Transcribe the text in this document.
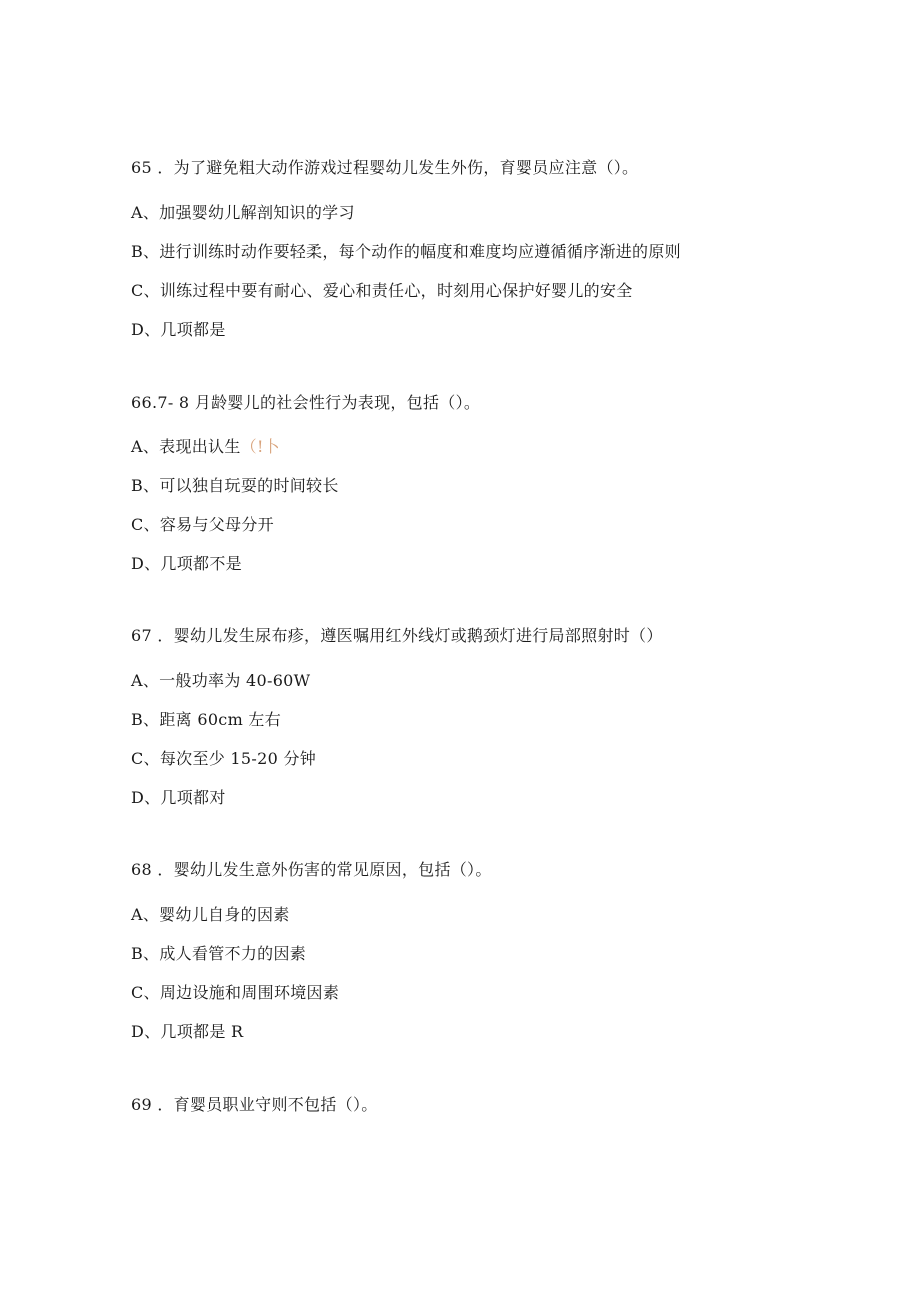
65 ．为了避免粗大动作游戏过程婴幼儿发生外伤，育婴员应注意（）。
A、加强婴幼儿解剖知识的学习
B、进行训练时动作要轻柔，每个动作的幅度和难度均应遵循循序渐进的原则
C、训练过程中要有耐心、爱心和责任心，时刻用心保护好婴儿的安全
D、几项都是
66.7- 8 月龄婴儿的社会性行为表现，包括（）。
A、表现出认生（!卜
B、可以独自玩耍的时间较长
C、容易与父母分开
D、几项都不是
67 ．婴幼儿发生尿布疹，遵医嘱用红外线灯或鹅颈灯进行局部照射时（）
A、一般功率为 40-60W
B、距离 60cm 左右
C、每次至少 15-20 分钟
D、几项都对
68 ．婴幼儿发生意外伤害的常见原因，包括（）。
A、婴幼儿自身的因素
B、成人看管不力的因素
C、周边设施和周围环境因素
D、几项都是 R
69 ．育婴员职业守则不包括（）。
